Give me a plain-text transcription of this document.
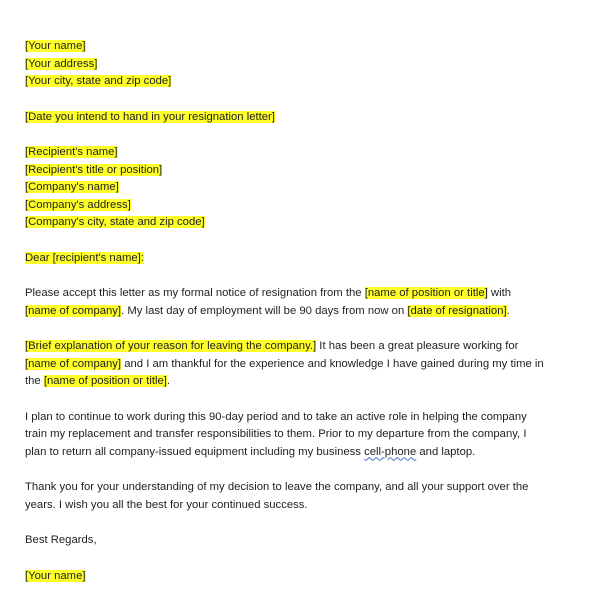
[Your name]
[Your address]
[Your city, state and zip code]
[Date you intend to hand in your resignation letter]
[Recipient's name]
[Recipient's title or position]
[Company's name]
[Company's address]
[Company's city, state and zip code]
Dear [recipient's name]:
Please accept this letter as my formal notice of resignation from the [name of position or title] with
[name of company]. My last day of employment will be 90 days from now on [date of resignation].
[Brief explanation of your reason for leaving the company.] It has been a great pleasure working for
[name of company] and I am thankful for the experience and knowledge I have gained during my time in
the [name of position or title].
I plan to continue to work during this 90-day period and to take an active role in helping the company
train my replacement and transfer responsibilities to them. Prior to my departure from the company, I
plan to return all company-issued equipment including my business cell-phone and laptop.
Thank you for your understanding of my decision to leave the company, and all your support over the
years. I wish you all the best for your continued success.
Best Regards,
[Your name]
